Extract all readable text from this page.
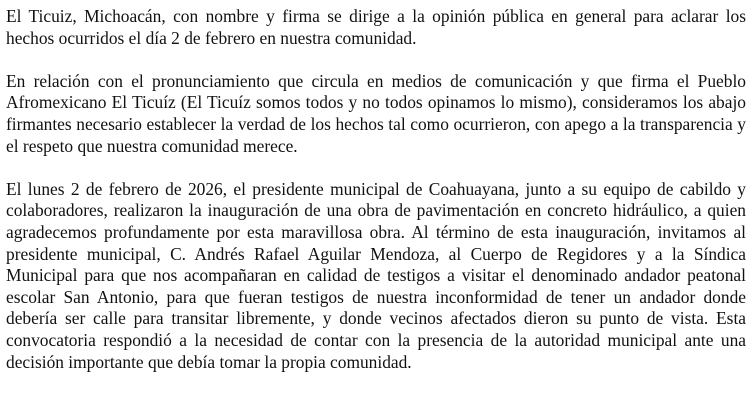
El Ticuiz, Michoacán, con nombre y firma se dirige a la opinión pública en general para aclarar los hechos ocurridos el día 2 de febrero en nuestra comunidad.

En relación con el pronunciamiento que circula en medios de comunicación y que firma el Pueblo Afromexicano El Ticuíz (El Ticuíz somos todos y no todos opinamos lo mismo), consideramos los abajo firmantes necesario establecer la verdad de los hechos tal como ocurrieron, con apego a la transparencia y el respeto que nuestra comunidad merece.

El lunes 2 de febrero de 2026, el presidente municipal de Coahuayana, junto a su equipo de cabildo y colaboradores, realizaron la inauguración de una obra de pavimentación en concreto hidráulico, a quien agradecemos profundamente por esta maravillosa obra. Al término de esta inauguración, invitamos al presidente municipal, C. Andrés Rafael Aguilar Mendoza, al Cuerpo de Regidores y a la Síndica Municipal para que nos acompañaran en calidad de testigos a visitar el denominado andador peatonal escolar San Antonio, para que fueran testigos de nuestra inconformidad de tener un andador donde debería ser calle para transitar libremente, y donde vecinos afectados dieron su punto de vista. Esta convocatoria respondió a la necesidad de contar con la presencia de la autoridad municipal ante una decisión importante que debía tomar la propia comunidad.
